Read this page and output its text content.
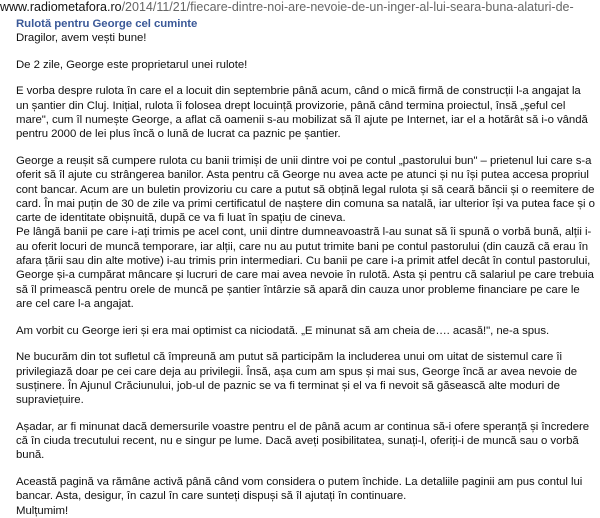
www.radiometafora.ro/2014/11/21/fiecare-dintre-noi-are-nevoie-de-un-inger-al-lui-seara-buna-alaturi-de-
Rulotă pentru George cel cuminte

Dragilor, avem vești bune!

De 2 zile, George este proprietarul unei rulote!

E vorba despre rulota în care el a locuit din septembrie până acum, când o mică firmă de construcții l-a angajat la un șantier din Cluj. Inițial, rulota îi folosea drept locuință provizorie, până când termina proiectul, însă „șeful cel mare", cum îl numește George, a aflat că oamenii s-au mobilizat să îl ajute pe Internet, iar el a hotărât să i-o vândă pentru 2000 de lei plus încă o lună de lucrat ca paznic pe șantier.

George a reușit să cumpere rulota cu banii trimiși de unii dintre voi pe contul „pastorului bun" – prietenul lui care s-a oferit să îl ajute cu strângerea banilor. Asta pentru că George nu avea acte pe atunci și nu își putea accesa propriul cont bancar. Acum are un buletin provizoriu cu care a putut să obțină legal rulota și să ceară băncii și o reemitere de card. În mai puțin de 30 de zile va primi certificatul de naștere din comuna sa natală, iar ulterior își va putea face și o carte de identitate obișnuită, după ce va fi luat în spațiu de cineva.

Pe lângă banii pe care i-ați trimis pe acel cont, unii dintre dumneavoastră l-au sunat să îi spună o vorbă bună, alții i-au oferit locuri de muncă temporare, iar alții, care nu au putut trimite bani pe contul pastorului (din cauză că erau în afara țării sau din alte motive) i-au trimis prin intermediari. Cu banii pe care i-a primit atfel decât în contul pastorului, George și-a cumpărat mâncare și lucruri de care mai avea nevoie în rulotă. Asta și pentru că salariul pe care trebuia să îl primească pentru orele de muncă pe șantier întârzie să apară din cauza unor probleme financiare pe care le are cel care l-a angajat.

Am vorbit cu George ieri și era mai optimist ca niciodată. „E minunat să am cheia de…. acasă!", ne-a spus.

Ne bucurăm din tot sufletul că împreună am putut să participăm la includerea unui om uitat de sistemul care îi privilegiază doar pe cei care deja au privilegii. Însă, așa cum am spus și mai sus, George încă ar avea nevoie de susținere. În Ajunul Crăciunului, job-ul de paznic se va fi terminat și el va fi nevoit să găsească alte moduri de supraviețuire.

Așadar, ar fi minunat dacă demersurile voastre pentru el de până acum ar continua să-i ofere speranță și încredere că în ciuda trecutului recent, nu e singur pe lume. Dacă aveți posibilitatea, sunați-l, oferiți-i de muncă sau o vorbă bună.

Această pagină va rămâne activă până când vom considera o putem închide. La detaliile paginii am pus contul lui bancar. Asta, desigur, în cazul în care sunteți dispuși să îl ajutați în continuare.

Mulțumim!
